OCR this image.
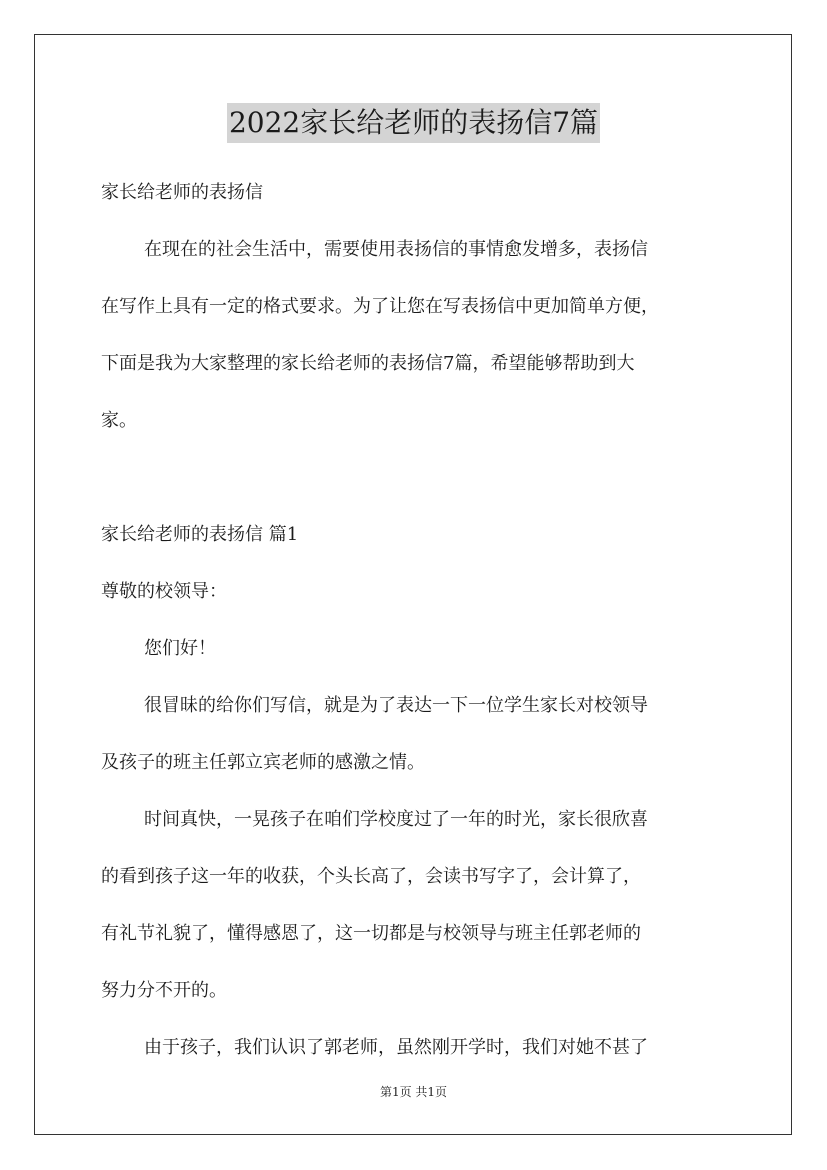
2022家长给老师的表扬信7篇
家长给老师的表扬信
在现在的社会生活中，需要使用表扬信的事情愈发增多，表扬信
在写作上具有一定的格式要求。为了让您在写表扬信中更加简单方便，
下面是我为大家整理的家长给老师的表扬信7篇，希望能够帮助到大
家。
家长给老师的表扬信 篇1
尊敬的校领导：
您们好！
很冒昧的给你们写信，就是为了表达一下一位学生家长对校领导
及孩子的班主任郭立宾老师的感激之情。
时间真快，一晃孩子在咱们学校度过了一年的时光，家长很欣喜
的看到孩子这一年的收获，个头长高了，会读书写字了，会计算了，
有礼节礼貌了，懂得感恩了，这一切都是与校领导与班主任郭老师的
努力分不开的。
由于孩子，我们认识了郭老师，虽然刚开学时，我们对她不甚了
第1页 共1页
